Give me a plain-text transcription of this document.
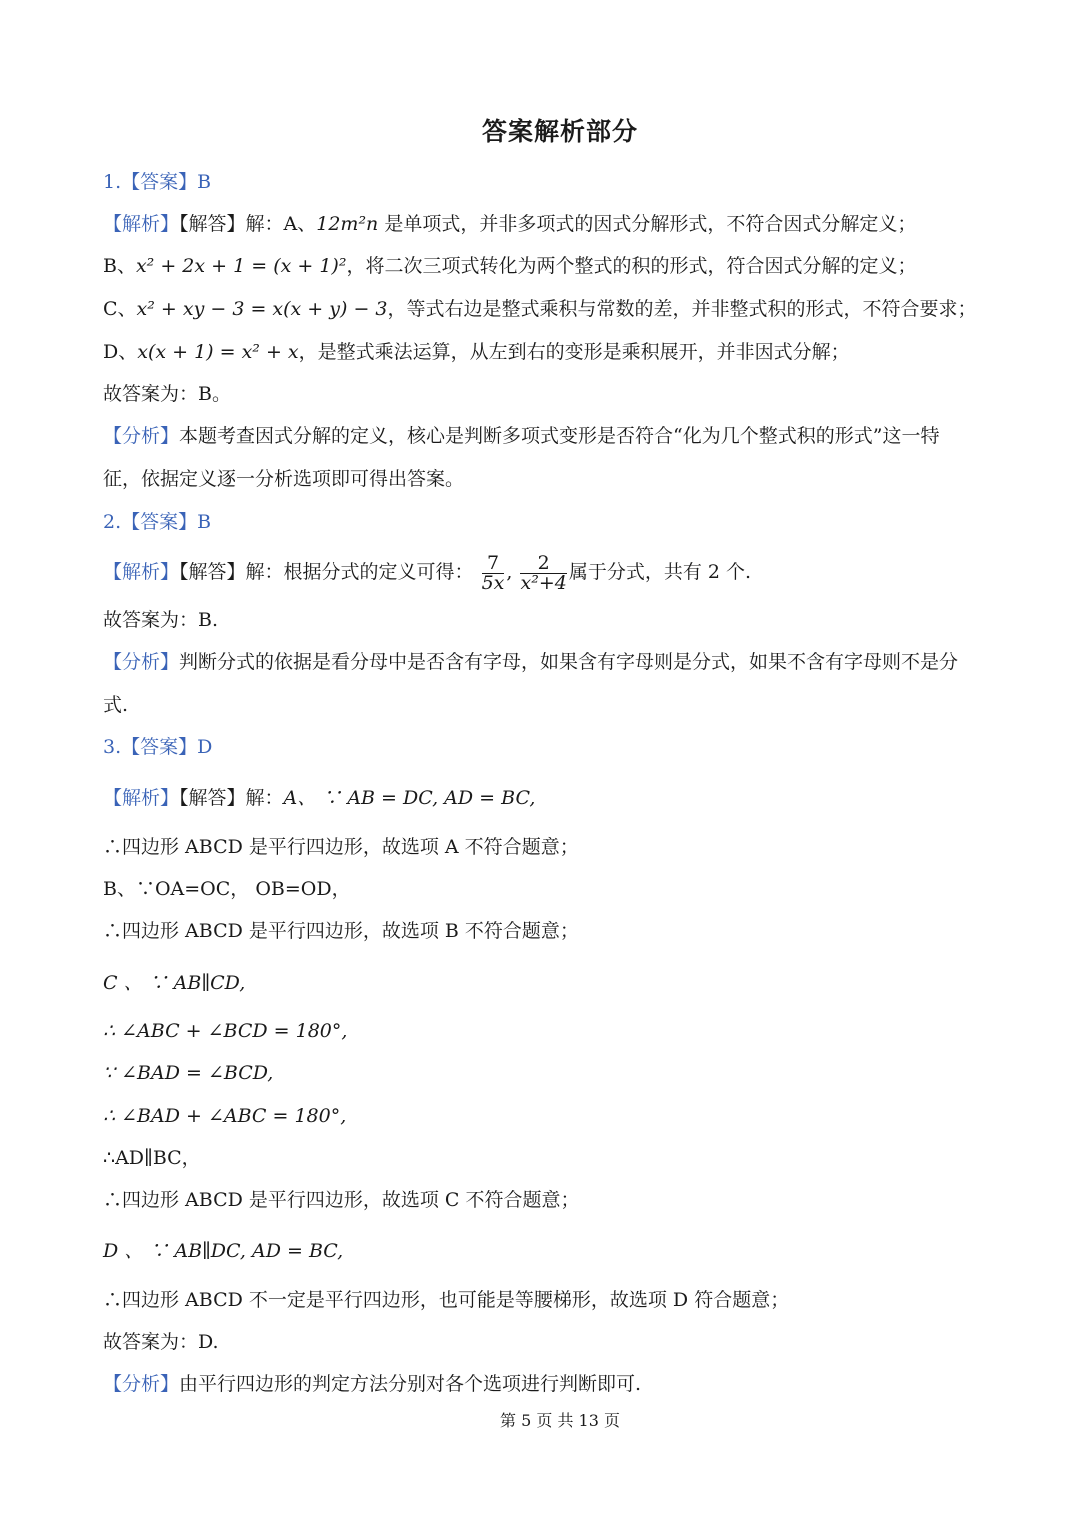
答案解析部分
1.【答案】B
【解析】【解答】解：A、12m²n 是单项式，并非多项式的因式分解形式，不符合因式分解定义；
B、x² + 2x + 1 = (x + 1)²，将二次三项式转化为两个整式的积的形式，符合因式分解的定义；
C、x² + xy − 3 = x(x + y) − 3，等式右边是整式乘积与常数的差，并非整式积的形式，不符合要求；
D、x(x + 1) = x² + x，是整式乘法运算，从左到右的变形是乘积展开，并非因式分解；
故答案为：B。
【分析】本题考查因式分解的定义，核心是判断多项式变形是否符合“化为几个整式积的形式”这一特
征，依据定义逐一分析选项即可得出答案。
2.【答案】B
【解析】【解答】解：根据分式的定义可得： $\frac{7}{5x}$ , $\frac{2}{\text{x²+4}}$ 属于分式，共有 2 个.
故答案为：B.
【分析】判断分式的依据是看分母中是否含有字母，如果含有字母则是分式，如果不含有字母则不是分
式.
3.【答案】D
【解析】【解答】解：A、 ∵ AB = DC, AD = BC,
∴四边形 ABCD 是平行四边形，故选项 A 不符合题意；
B、∵OA=OC， OB=OD，
∴四边形 ABCD 是平行四边形，故选项 B 不符合题意；
C 、 ∵ AB∥CD,
∴ ∠ABC + ∠BCD = 180°,
∵ ∠BAD = ∠BCD,
∴ ∠BAD + ∠ABC = 180°,
∴AD∥BC，
∴四边形 ABCD 是平行四边形，故选项 C 不符合题意；
D 、 ∵ AB∥DC, AD = BC,
∴四边形 ABCD 不一定是平行四边形，也可能是等腰梯形，故选项 D 符合题意；
故答案为：D.
【分析】由平行四边形的判定方法分别对各个选项进行判断即可.
第 5 页 共 13 页
